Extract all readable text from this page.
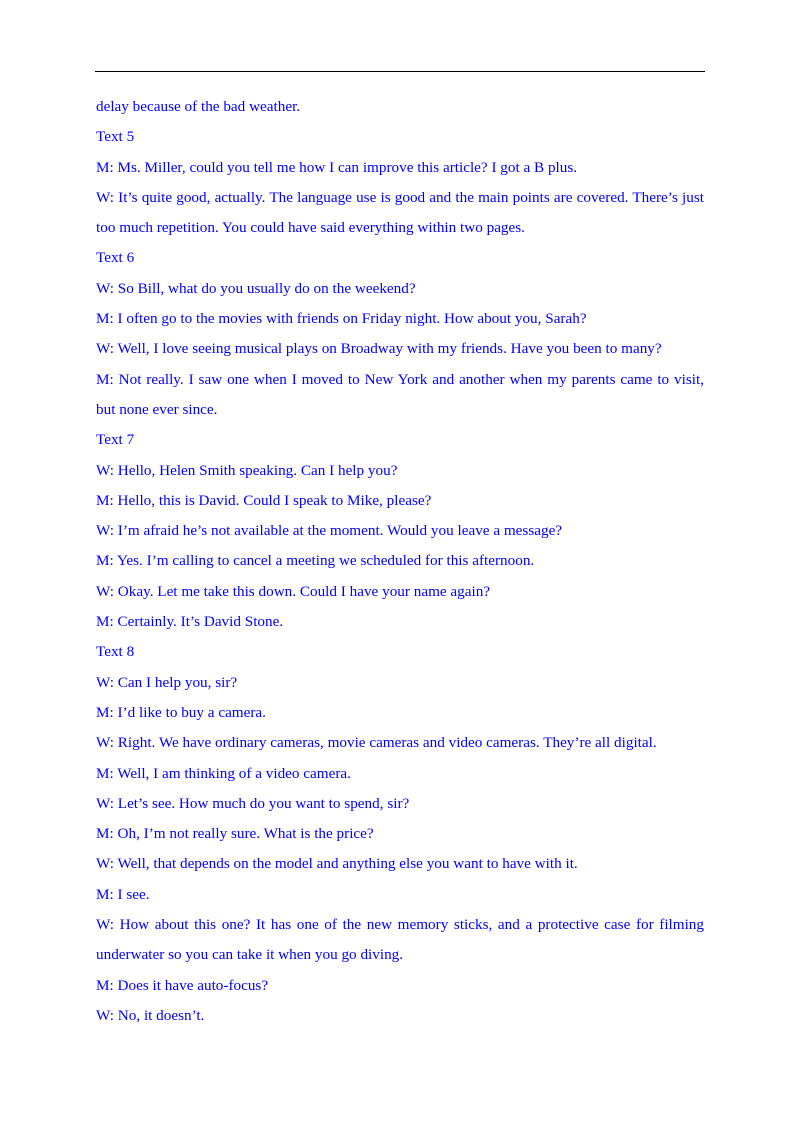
delay because of the bad weather.

Text 5

M: Ms. Miller, could you tell me how I can improve this article? I got a B plus.

W: It’s quite good, actually. The language use is good and the main points are covered. There’s just too much repetition. You could have said everything within two pages.

Text 6

W: So Bill, what do you usually do on the weekend?

M: I often go to the movies with friends on Friday night. How about you, Sarah?

W: Well, I love seeing musical plays on Broadway with my friends. Have you been to many?

M: Not really. I saw one when I moved to New York and another when my parents came to visit, but none ever since.

Text 7

W: Hello, Helen Smith speaking. Can I help you?

M: Hello, this is David. Could I speak to Mike, please?

W: I’m afraid he’s not available at the moment. Would you leave a message?

M: Yes. I’m calling to cancel a meeting we scheduled for this afternoon.

W: Okay. Let me take this down. Could I have your name again?

M: Certainly. It’s David Stone.

Text 8

W: Can I help you, sir?

M: I’d like to buy a camera.

W: Right. We have ordinary cameras, movie cameras and video cameras. They’re all digital.

M: Well, I am thinking of a video camera.

W: Let’s see. How much do you want to spend, sir?

M: Oh, I’m not really sure. What is the price?

W: Well, that depends on the model and anything else you want to have with it.

M: I see.

W: How about this one? It has one of the new memory sticks, and a protective case for filming underwater so you can take it when you go diving.

M: Does it have auto-focus?

W: No, it doesn’t.
